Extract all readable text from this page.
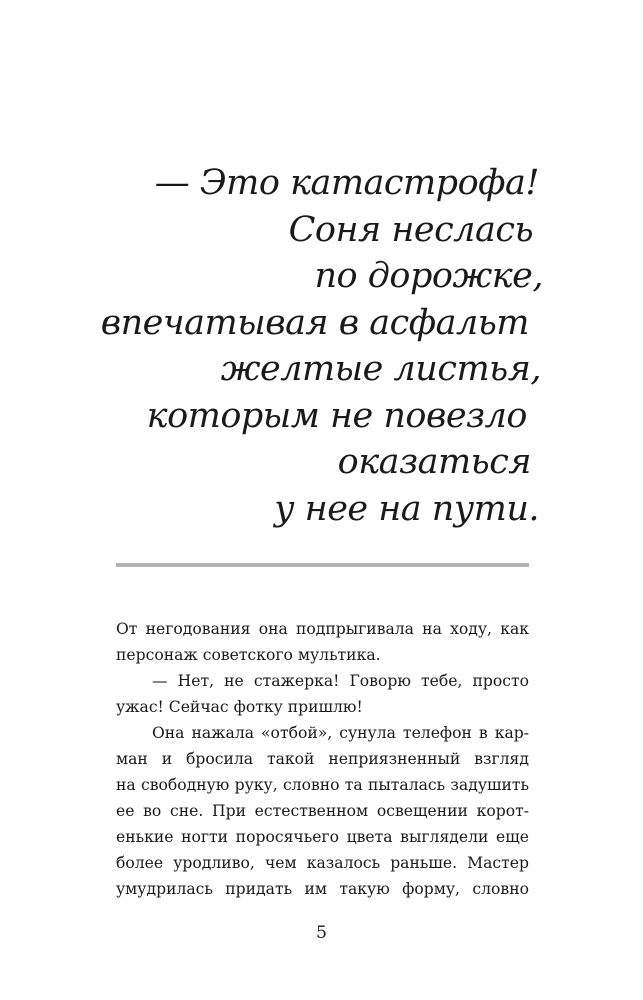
— Это катастрофа!
Соня неслась
по дорожке,
впечатывая в асфальт
желтые листья,
которым не повезло
оказаться
у нее на пути.
От негодования она подпрыгивала на ходу, как
персонаж советского мультика.
— Нет, не стажерка! Говорю тебе, просто
ужас! Сейчас фотку пришлю!
Она нажала «отбой», сунула телефон в кар-
ман и бросила такой неприязненный взгляд
на свободную руку, словно та пыталась задушить
ее во сне. При естественном освещении корот-
енькие ногти поросячьего цвета выглядели еще
более уродливо, чем казалось раньше. Мастер
умудрилась придать им такую форму, словно
5
